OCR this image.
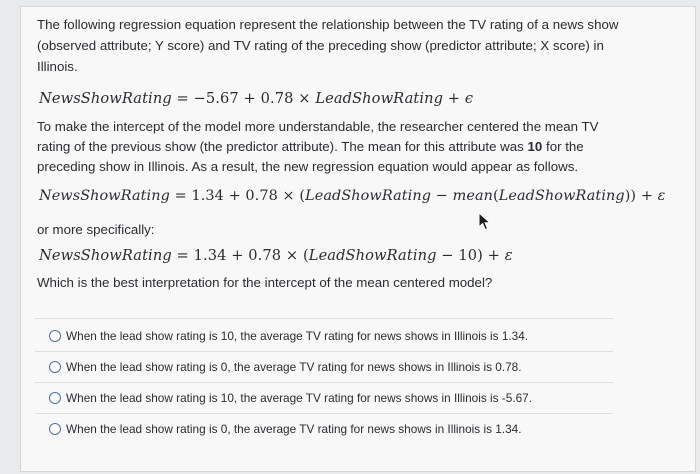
The following regression equation represent the relationship between the TV rating of a news show
(observed attribute; Y score) and TV rating of the preceding show (predictor attribute; X score) in
Illinois.
NewsShowRating = −5.67 + 0.78 × LeadShowRating + ϵ
To make the intercept of the model more understandable, the researcher centered the mean TV
rating of the previous show (the predictor attribute). The mean for this attribute was 10 for the
preceding show in Illinois. As a result, the new regression equation would appear as follows.
NewsShowRating = 1.34 + 0.78 × (LeadShowRating − mean(LeadShowRating)) + ε
or more specifically:
NewsShowRating = 1.34 + 0.78 × (LeadShowRating − 10) + ε
Which is the best interpretation for the intercept of the mean centered model?
When the lead show rating is 10, the average TV rating for news shows in Illinois is 1.34.
When the lead show rating is 0, the average TV rating for news shows in Illinois is 0.78.
When the lead show rating is 10, the average TV rating for news shows in Illinois is -5.67.
When the lead show rating is 0, the average TV rating for news shows in Illinois is 1.34.
